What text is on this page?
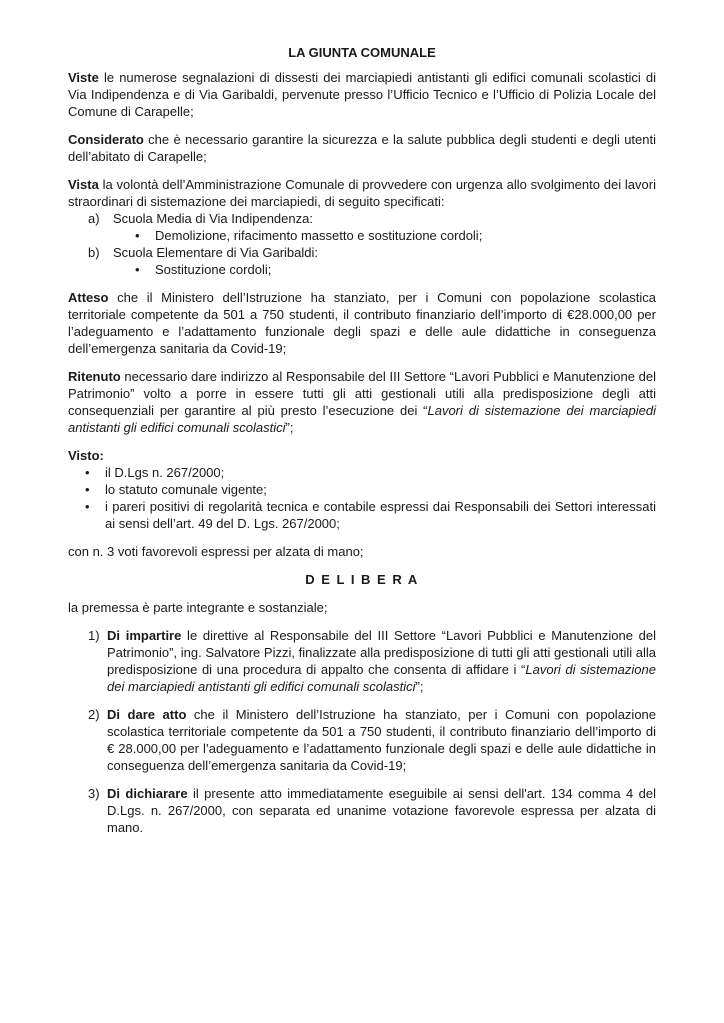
LA GIUNTA COMUNALE

Viste le numerose segnalazioni di dissesti dei marciapiedi antistanti gli edifici comunali scolastici di Via Indipendenza e di Via Garibaldi, pervenute presso l’Ufficio Tecnico e l’Ufficio di Polizia Locale del Comune di Carapelle;

Considerato che è necessario garantire la sicurezza e la salute pubblica degli studenti e degli utenti dell’abitato di Carapelle;

Vista la volontà dell’Amministrazione Comunale di provvedere con urgenza allo svolgimento dei lavori straordinari di sistemazione dei marciapiedi, di seguito specificati:

a)	Scuola Media di Via Indipendenza:
•	Demolizione, rifacimento massetto e sostituzione cordoli;
b)	Scuola Elementare di Via Garibaldi:
•	Sostituzione cordoli;

Atteso che il Ministero dell’Istruzione ha stanziato, per i Comuni con popolazione scolastica territoriale competente da 501 a 750 studenti, il contributo finanziario dell’importo di €28.000,00 per l’adeguamento e l’adattamento funzionale degli spazi e delle aule didattiche in conseguenza dell’emergenza sanitaria da Covid-19;

Ritenuto necessario dare indirizzo al Responsabile del III Settore “Lavori Pubblici e Manutenzione del Patrimonio” volto a porre in essere tutti gli atti gestionali utili alla predisposizione degli atti consequenziali per garantire al più presto l’esecuzione dei “Lavori di sistemazione dei marciapiedi antistanti gli edifici comunali scolastici”;

Visto:

•	il D.Lgs n. 267/2000;
•	lo statuto comunale vigente;
•	i pareri positivi di regolarità tecnica e contabile espressi dai Responsabili dei Settori interessati ai sensi dell’art. 49 del D. Lgs. 267/2000;

con n. 3 voti favorevoli espressi per alzata di mano;

D E L I B E R A

la premessa è parte integrante e sostanziale;

1) Di impartire le direttive al Responsabile del III Settore “Lavori Pubblici e Manutenzione del Patrimonio”, ing. Salvatore Pizzi, finalizzate alla predisposizione di tutti gli atti gestionali utili alla predisposizione di una procedura di appalto che consenta di affidare i “Lavori di sistemazione dei marciapiedi antistanti gli edifici comunali scolastici”;
2) Di dare atto che il Ministero dell’Istruzione ha stanziato, per i Comuni con popolazione scolastica territoriale competente da 501 a 750 studenti, il contributo finanziario dell’importo di € 28.000,00 per l’adeguamento e l’adattamento funzionale degli spazi e delle aule didattiche in conseguenza dell’emergenza sanitaria da Covid-19;
3) Di dichiarare il presente atto immediatamente eseguibile ai sensi dell'art. 134 comma 4 del D.Lgs. n. 267/2000, con separata ed unanime votazione favorevole espressa per alzata di mano.
